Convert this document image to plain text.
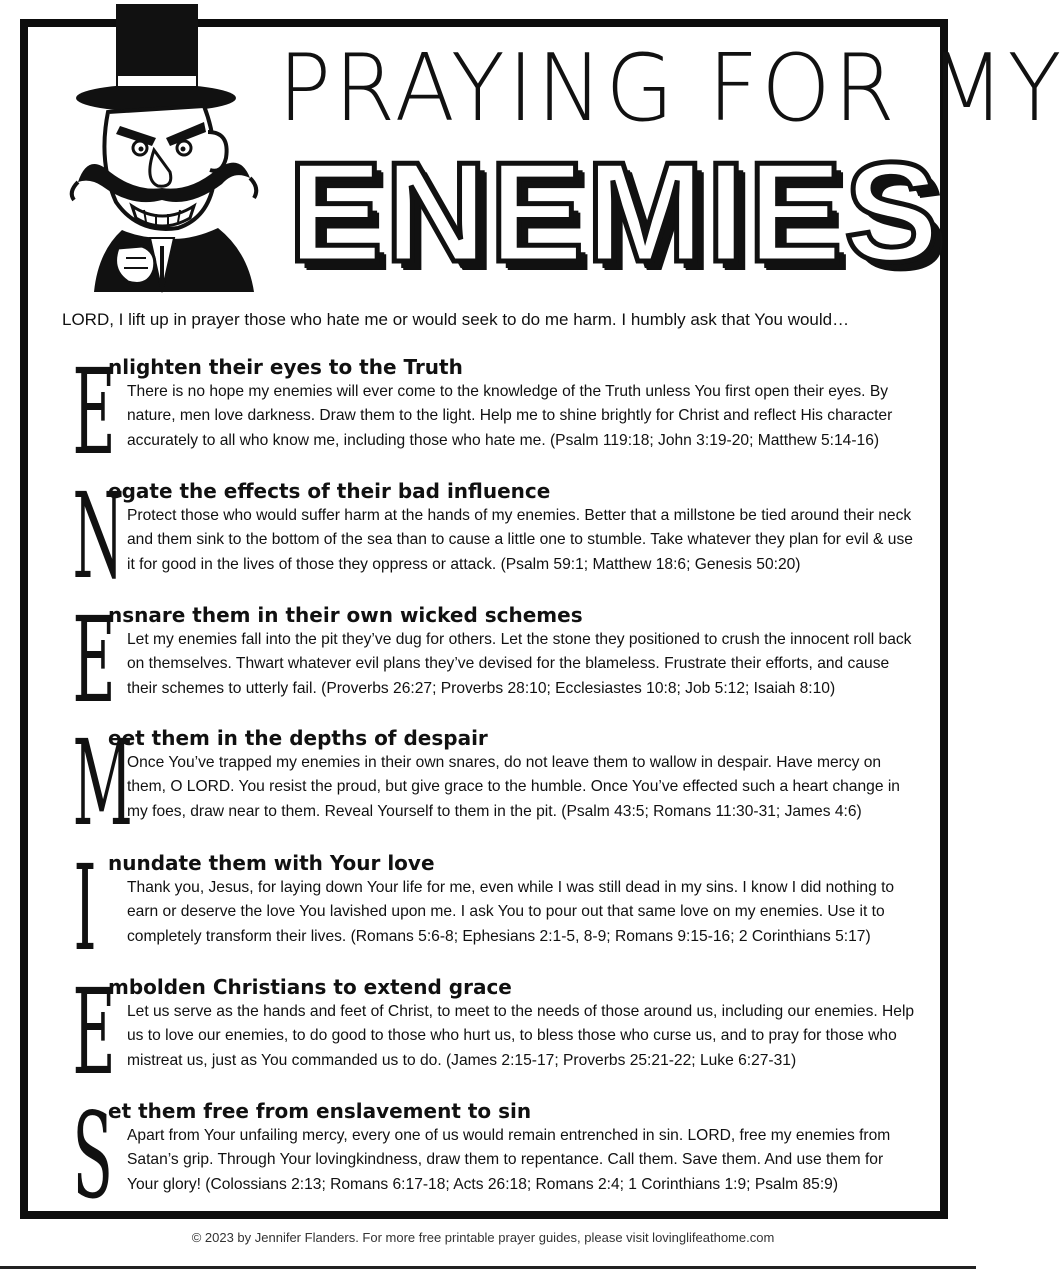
PRAYING FOR MY
ENEMIES
LORD, I lift up in prayer those who hate me or would seek to do me harm. I humbly ask that You would…
E
nlighten their eyes to the Truth
There is no hope my enemies will ever come to the knowledge of the Truth unless You first open their eyes. By nature, men love darkness. Draw them to the light. Help me to shine brightly for Christ and reflect His character accurately to all who know me, including those who hate me. (Psalm 119:18; John 3:19-20; Matthew 5:14-16)
N
egate the effects of their bad influence
Protect those who would suffer harm at the hands of my enemies. Better that a millstone be tied around their neck and them sink to the bottom of the sea than to cause a little one to stumble. Take whatever they plan for evil & use it for good in the lives of those they oppress or attack. (Psalm 59:1; Matthew 18:6; Genesis 50:20)
E
nsnare them in their own wicked schemes
Let my enemies fall into the pit they’ve dug for others. Let the stone they positioned to crush the innocent roll back on themselves. Thwart whatever evil plans they’ve devised for the blameless. Frustrate their efforts, and cause their schemes to utterly fail. (Proverbs 26:27; Proverbs 28:10; Ecclesiastes 10:8; Job 5:12; Isaiah 8:10)
M
eet them in the depths of despair
Once You’ve trapped my enemies in their own snares, do not leave them to wallow in despair. Have mercy on them, O LORD. You resist the proud, but give grace to the humble. Once You’ve effected such a heart change in my foes, draw near to them. Reveal Yourself to them in the pit. (Psalm 43:5; Romans 11:30-31; James 4:6)
I nundate them with Your love
Thank you, Jesus, for laying down Your life for me, even while I was still dead in my sins. I know I did nothing to earn or deserve the love You lavished upon me. I ask You to pour out that same love on my enemies. Use it to completely transform their lives. (Romans 5:6-8; Ephesians 2:1-5, 8-9; Romans 9:15-16; 2 Corinthians 5:17)
E
mbolden Christians to extend grace
Let us serve as the hands and feet of Christ, to meet to the needs of those around us, including our enemies. Help us to love our enemies, to do good to those who hurt us, to bless those who curse us, and to pray for those who mistreat us, just as You commanded us to do. (James 2:15-17; Proverbs 25:21-22; Luke 6:27-31)
S
et them free from enslavement to sin
Apart from Your unfailing mercy, every one of us would remain entrenched in sin. LORD, free my enemies from Satan’s grip. Through Your lovingkindness, draw them to repentance. Call them. Save them. And use them for Your glory! (Colossians 2:13; Romans 6:17-18; Acts 26:18; Romans 2:4; 1 Corinthians 1:9; Psalm 85:9)
© 2023 by Jennifer Flanders. For more free printable prayer guides, please visit lovinglifeathome.com
